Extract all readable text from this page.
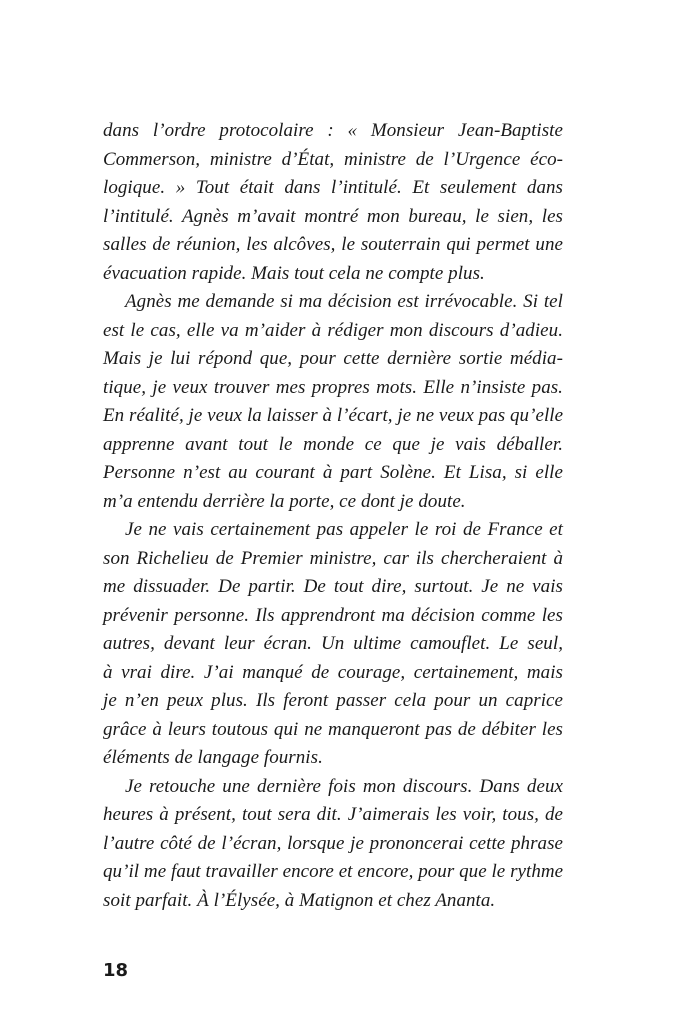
dans l’ordre protocolaire : « Monsieur Jean-Baptiste
Commerson, ministre d’État, ministre de l’Urgence éco-
logique. » Tout était dans l’intitulé. Et seulement dans
l’intitulé. Agnès m’avait montré mon bureau, le sien, les
salles de réunion, les alcôves, le souterrain qui permet une
évacuation rapide. Mais tout cela ne compte plus.
Agnès me demande si ma décision est irrévocable. Si tel
est le cas, elle va m’aider à rédiger mon discours d’adieu.
Mais je lui répond que, pour cette dernière sortie média-
tique, je veux trouver mes propres mots. Elle n’insiste pas.
En réalité, je veux la laisser à l’écart, je ne veux pas qu’elle
apprenne avant tout le monde ce que je vais déballer.
Personne n’est au courant à part Solène. Et Lisa, si elle
m’a entendu derrière la porte, ce dont je doute.
Je ne vais certainement pas appeler le roi de France et
son Richelieu de Premier ministre, car ils chercheraient à
me dissuader. De partir. De tout dire, surtout. Je ne vais
prévenir personne. Ils apprendront ma décision comme les
autres, devant leur écran. Un ultime camouflet. Le seul,
à vrai dire. J’ai manqué de courage, certainement, mais
je n’en peux plus. Ils feront passer cela pour un caprice
grâce à leurs toutous qui ne manqueront pas de débiter les
éléments de langage fournis.
Je retouche une dernière fois mon discours. Dans deux
heures à présent, tout sera dit. J’aimerais les voir, tous, de
l’autre côté de l’écran, lorsque je prononcerai cette phrase
qu’il me faut travailler encore et encore, pour que le rythme
soit parfait. À l’Élysée, à Matignon et chez Ananta.
18
